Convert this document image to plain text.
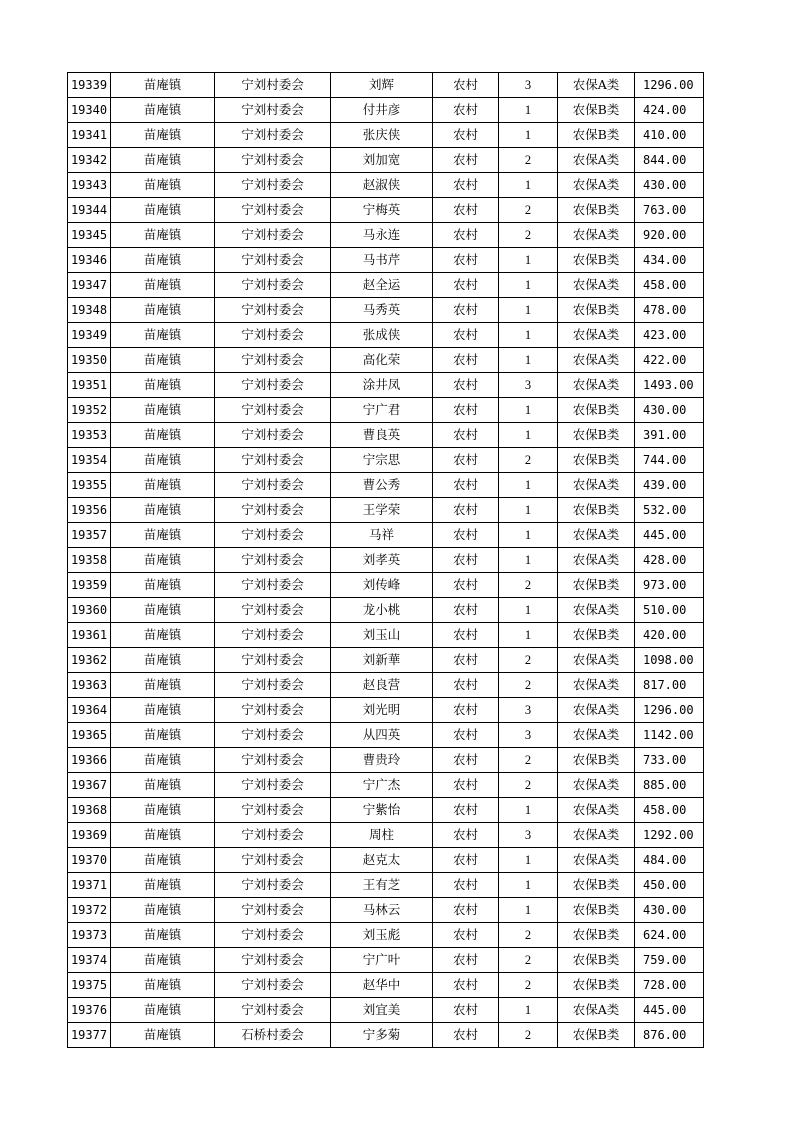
19339	苗庵镇	宁刘村委会	刘辉	农村	3	农保A类	1296.00
19340	苗庵镇	宁刘村委会	付井彦	农村	1	农保B类	424.00
19341	苗庵镇	宁刘村委会	张庆侠	农村	1	农保B类	410.00
19342	苗庵镇	宁刘村委会	刘加宽	农村	2	农保A类	844.00
19343	苗庵镇	宁刘村委会	赵淑侠	农村	1	农保A类	430.00
19344	苗庵镇	宁刘村委会	宁梅英	农村	2	农保B类	763.00
19345	苗庵镇	宁刘村委会	马永连	农村	2	农保A类	920.00
19346	苗庵镇	宁刘村委会	马书芹	农村	1	农保B类	434.00
19347	苗庵镇	宁刘村委会	赵全运	农村	1	农保A类	458.00
19348	苗庵镇	宁刘村委会	马秀英	农村	1	农保B类	478.00
19349	苗庵镇	宁刘村委会	张成侠	农村	1	农保A类	423.00
19350	苗庵镇	宁刘村委会	高化荣	农村	1	农保A类	422.00
19351	苗庵镇	宁刘村委会	涂井凤	农村	3	农保A类	1493.00
19352	苗庵镇	宁刘村委会	宁广君	农村	1	农保B类	430.00
19353	苗庵镇	宁刘村委会	曹良英	农村	1	农保B类	391.00
19354	苗庵镇	宁刘村委会	宁宗思	农村	2	农保B类	744.00
19355	苗庵镇	宁刘村委会	曹公秀	农村	1	农保A类	439.00
19356	苗庵镇	宁刘村委会	王学荣	农村	1	农保B类	532.00
19357	苗庵镇	宁刘村委会	马祥	农村	1	农保A类	445.00
19358	苗庵镇	宁刘村委会	刘孝英	农村	1	农保A类	428.00
19359	苗庵镇	宁刘村委会	刘传峰	农村	2	农保B类	973.00
19360	苗庵镇	宁刘村委会	龙小桃	农村	1	农保A类	510.00
19361	苗庵镇	宁刘村委会	刘玉山	农村	1	农保B类	420.00
19362	苗庵镇	宁刘村委会	刘新華	农村	2	农保A类	1098.00
19363	苗庵镇	宁刘村委会	赵良营	农村	2	农保A类	817.00
19364	苗庵镇	宁刘村委会	刘光明	农村	3	农保A类	1296.00
19365	苗庵镇	宁刘村委会	从四英	农村	3	农保A类	1142.00
19366	苗庵镇	宁刘村委会	曹贵玲	农村	2	农保B类	733.00
19367	苗庵镇	宁刘村委会	宁广杰	农村	2	农保A类	885.00
19368	苗庵镇	宁刘村委会	宁紫怡	农村	1	农保A类	458.00
19369	苗庵镇	宁刘村委会	周柱	农村	3	农保A类	1292.00
19370	苗庵镇	宁刘村委会	赵克太	农村	1	农保A类	484.00
19371	苗庵镇	宁刘村委会	王有芝	农村	1	农保B类	450.00
19372	苗庵镇	宁刘村委会	马林云	农村	1	农保B类	430.00
19373	苗庵镇	宁刘村委会	刘玉彪	农村	2	农保B类	624.00
19374	苗庵镇	宁刘村委会	宁广叶	农村	2	农保B类	759.00
19375	苗庵镇	宁刘村委会	赵华中	农村	2	农保B类	728.00
19376	苗庵镇	宁刘村委会	刘宜美	农村	1	农保A类	445.00
19377	苗庵镇	石桥村委会	宁多菊	农村	2	农保B类	876.00
